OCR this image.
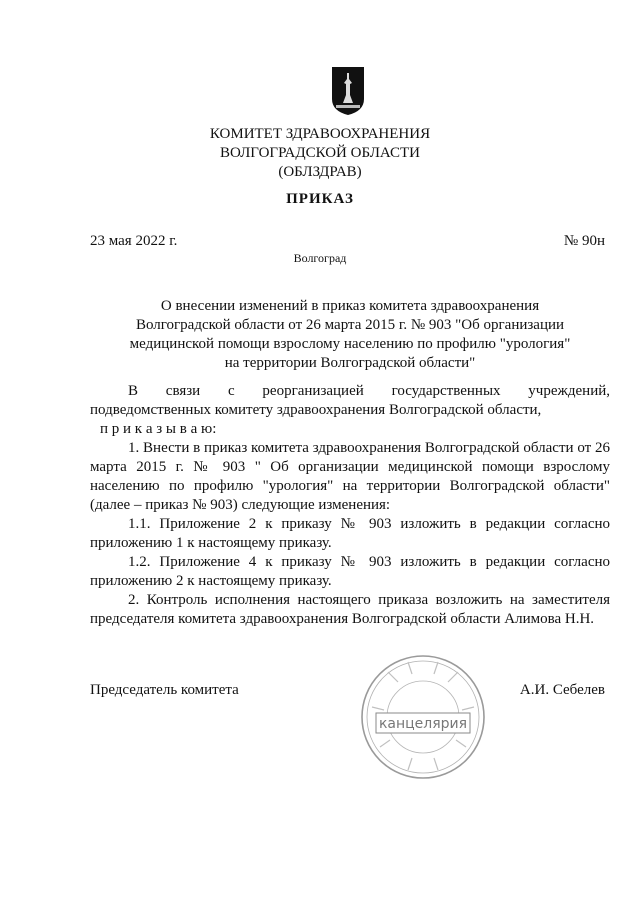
КОМИТЕТ ЗДРАВООХРАНЕНИЯ
ВОЛГОГРАДСКОЙ ОБЛАСТИ
(ОБЛЗДРАВ)
ПРИКАЗ
23 мая 2022 г.	№ 90н
Волгоград
О внесении изменений в приказ комитета здравоохранения
Волгоградской области от 26 марта 2015 г. № 903 "Об организации
медицинской помощи взрослому населению по профилю "урология"
на территории Волгоградской области"

В связи с реорганизацией государственных учреждений,

подведомственных комитету здравоохранения Волгоградской области,

п р и к а з ы в а ю:

1. Внести в приказ комитета здравоохранения Волгоградской области от 26 марта 2015 г. № 903 " Об организации медицинской помощи взрослому населению по профилю "урология" на территории Волгоградской области" (далее – приказ № 903) следующие изменения:

1.1. Приложение 2 к приказу № 903 изложить в редакции согласно приложению 1 к настоящему приказу.

1.2. Приложение 4 к приказу № 903 изложить в редакции согласно приложению 2 к настоящему приказу.

2. Контроль исполнения настоящего приказа возложить на заместителя председателя комитета здравоохранения Волгоградской области Алимова Н.Н.

Председатель комитета	А.И. Себелев
канцелярия
